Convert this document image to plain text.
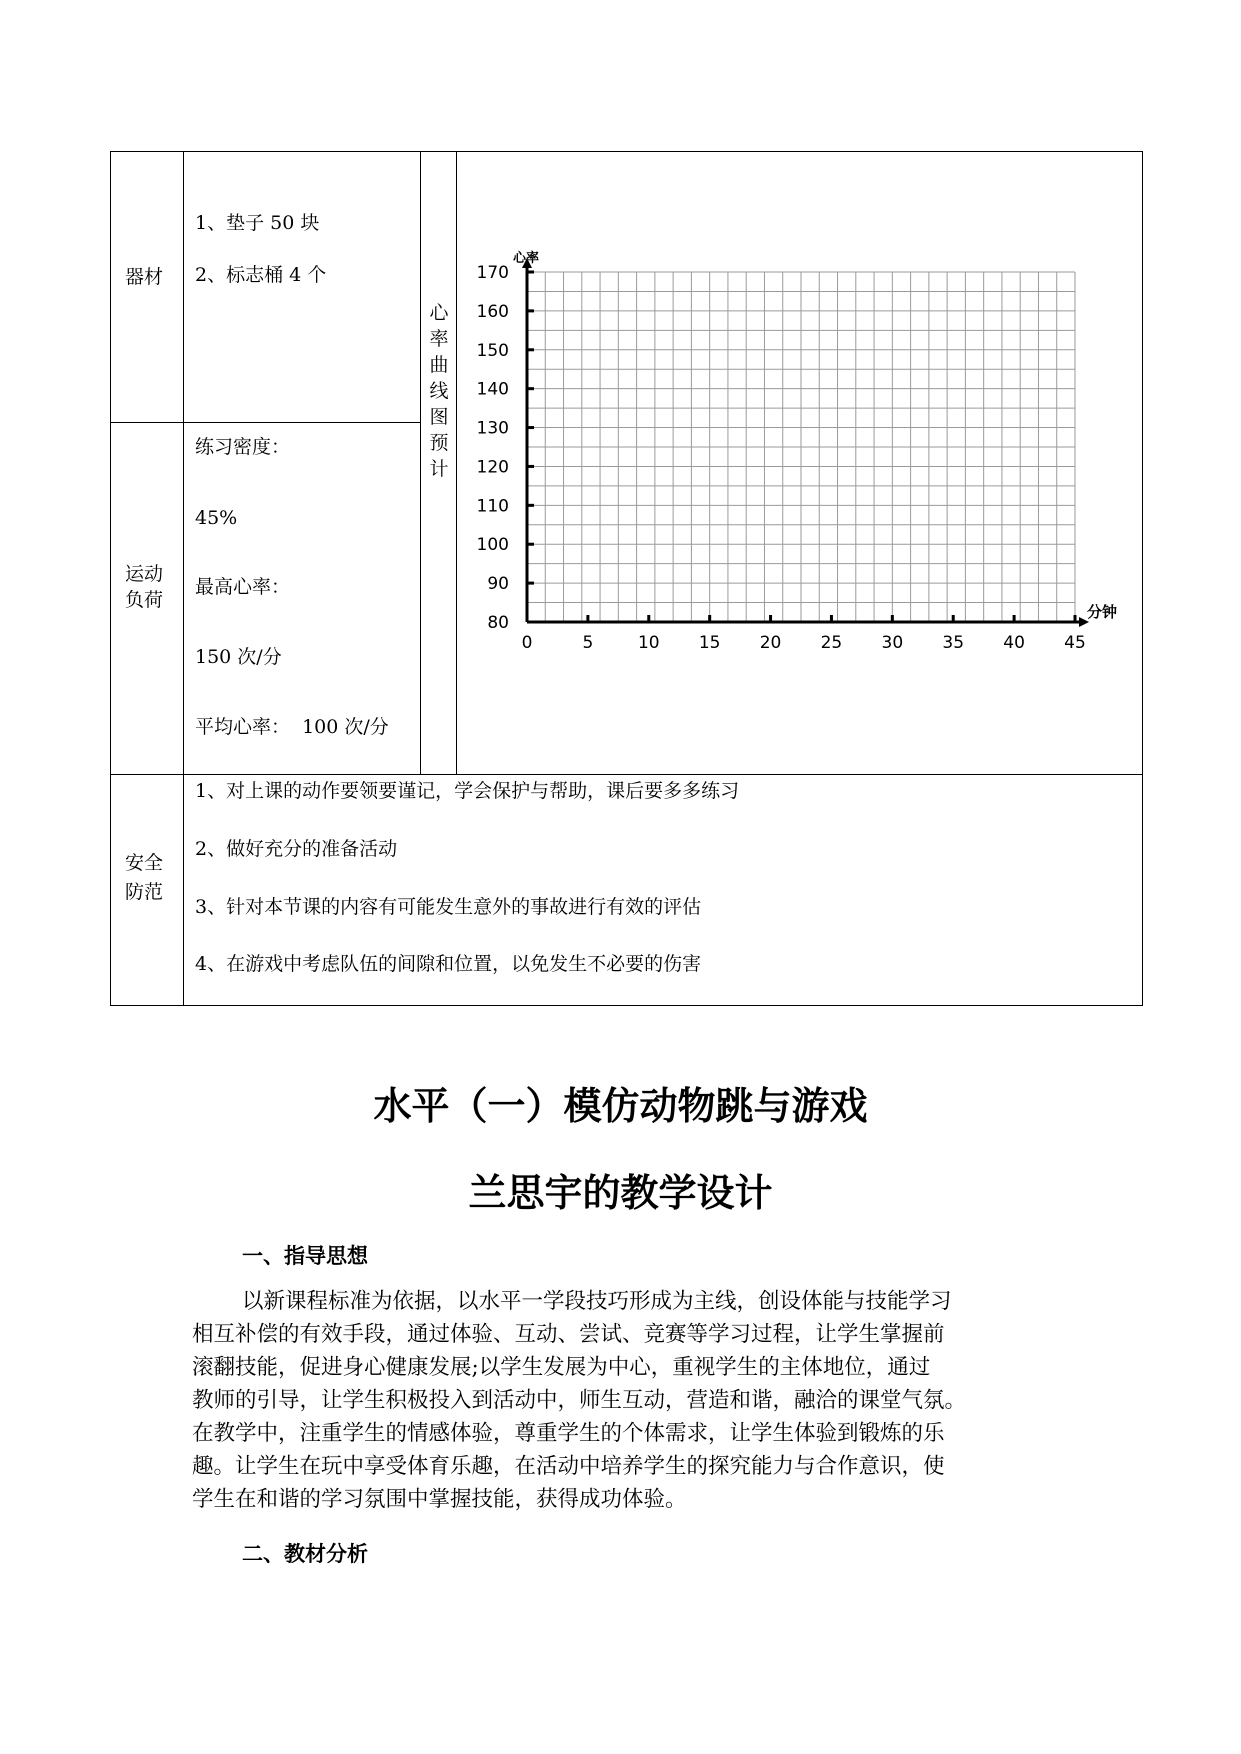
器材
1、垫子 50 块
2、标志桶 4 个
运动
负荷
练习密度：
45%
最高心率：
150 次/分
平均心率：  100 次/分
心
率
曲
线
图
预
计
80
90
100
110
120
130
140
150
160
170
0	5	10 15 20 25 30 35 40 45
心率
分钟
安全
防范
1、对上课的动作要领要谨记，学会保护与帮助，课后要多多练习
2、做好充分的准备活动
3、针对本节课的内容有可能发生意外的事故进行有效的评估
4、在游戏中考虑队伍的间隙和位置，以免发生不必要的伤害
水平（一）模仿动物跳与游戏
兰思宇的教学设计
一、指导思想
以新课程标准为依据，以水平一学段技巧形成为主线，创设体能与技能学习
相互补偿的有效手段，通过体验、互动、尝试、竞赛等学习过程，让学生掌握前
滚翻技能，促进身心健康发展;以学生发展为中心，重视学生的主体地位，通过
教师的引导，让学生积极投入到活动中，师生互动，营造和谐，融洽的课堂气氛。
在教学中，注重学生的情感体验，尊重学生的个体需求，让学生体验到锻炼的乐
趣。让学生在玩中享受体育乐趣，在活动中培养学生的探究能力与合作意识，使
学生在和谐的学习氛围中掌握技能，获得成功体验。
二、教材分析
